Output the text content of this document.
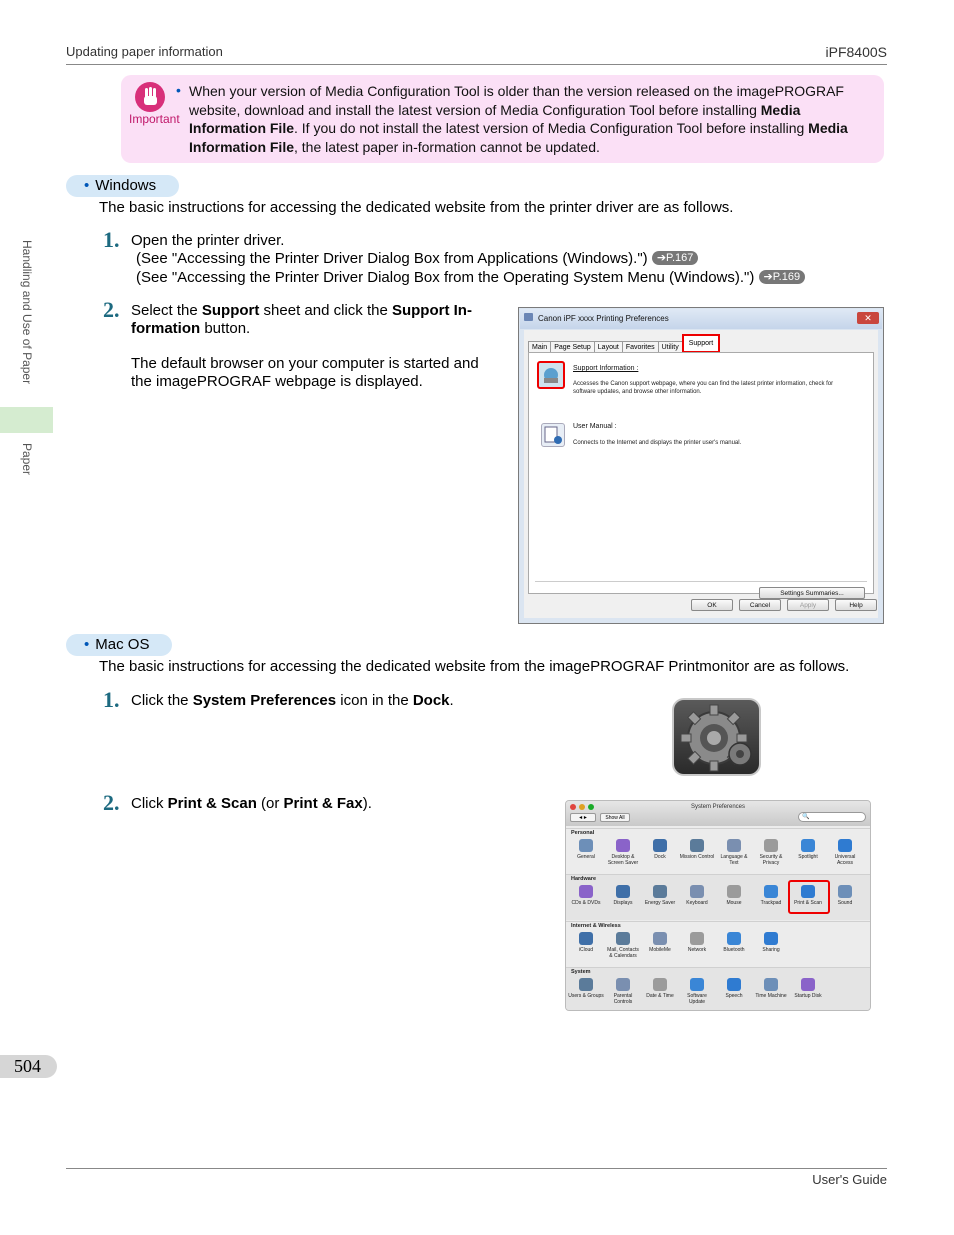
Updating paper information	iPF8400S
Handling and Use of Paper
Paper
Important
• When your version of Media Configuration Tool is older than the version released on the imagePROGRAF website, download and install the latest version of Media Configuration Tool before installing Media Information File. If you do not install the latest version of Media Configuration Tool before installing Media Information File, the latest paper in-formation cannot be updated.
• Windows
The basic instructions for accessing the dedicated website from the printer driver are as follows.
1. Open the printer driver.
(See "Accessing the Printer Driver Dialog Box from Applications (Windows).") ➔P.167
(See "Accessing the Printer Driver Dialog Box from the Operating System Menu (Windows).") ➔P.169
2. Select the Support sheet and click the Support In-formation button.
The default browser on your computer is started and the imagePROGRAF webpage is displayed.
Canon iPF xxxx Printing Preferences	✕
Main Page Setup Layout Favorites UtilitySupport
Support Information :
Accesses the Canon support webpage, where you can find the latest printer information, check for software updates, and browse other information.
User Manual :
Connects to the Internet and displays the printer user's manual.
Settings Summaries...
OK	Cancel	Apply	Help
• Mac OS
The basic instructions for accessing the dedicated website from the imagePROGRAF Printmonitor are as follows.
1. Click the System Preferences icon in the Dock.
2. Click Print & Scan (or Print & Fax).	System Preferences
◂ ▸	Show All	🔍
Personal
General	Desktop & Screen Saver
Dock	Mission Control	Language & Text
Security & Privacy
Spotlight	Universal Access
Hardware
CDs & DVDs	Displays	Energy Saver	Keyboard	Mouse	Trackpad	Print & Scan	Sound
Internet & Wireless
iCloud	Mail, Contacts & Calendars
MobileMe	Network	Bluetooth	Sharing
System
Users & Groups	Parental Controls
Date & Time	Software Update
Speech	Time Machine	Startup Disk
504
User's Guide
